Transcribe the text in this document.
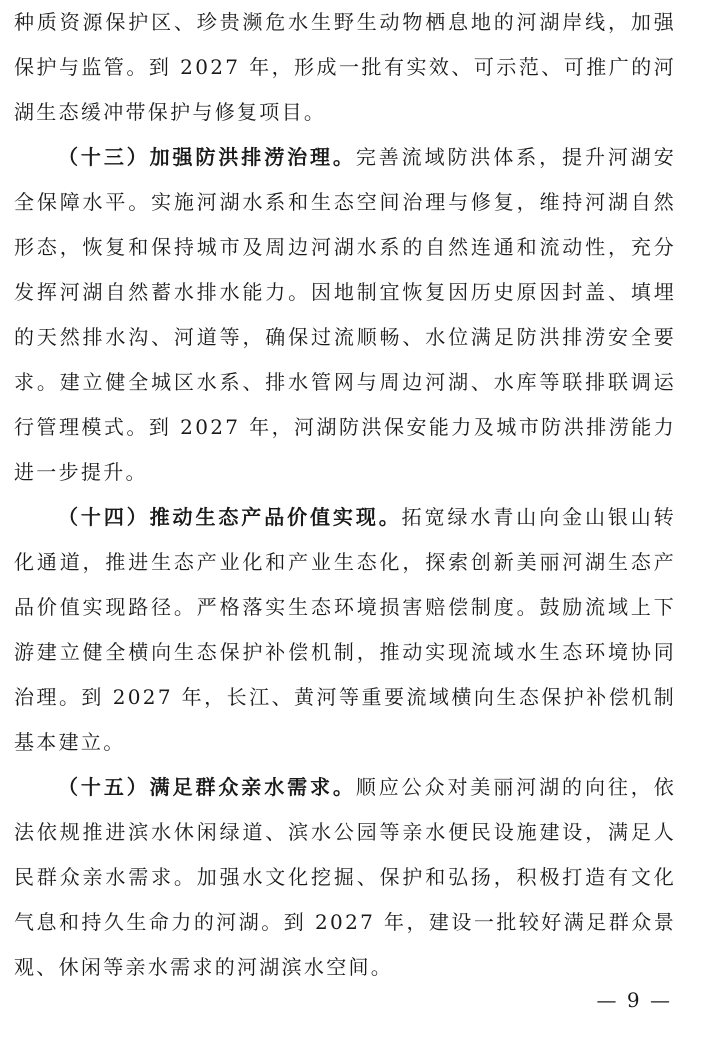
种质资源保护区、珍贵濒危水生野生动物栖息地的河湖岸线，加强保护与监管。到 2027 年，形成一批有实效、可示范、可推广的河湖生态缓冲带保护与修复项目。

（十三）加强防洪排涝治理。完善流域防洪体系，提升河湖安全保障水平。实施河湖水系和生态空间治理与修复，维持河湖自然形态，恢复和保持城市及周边河湖水系的自然连通和流动性，充分发挥河湖自然蓄水排水能力。因地制宜恢复因历史原因封盖、填埋的天然排水沟、河道等，确保过流顺畅、水位满足防洪排涝安全要求。建立健全城区水系、排水管网与周边河湖、水库等联排联调运行管理模式。到 2027 年，河湖防洪保安能力及城市防洪排涝能力进一步提升。

（十四）推动生态产品价值实现。拓宽绿水青山向金山银山转化通道，推进生态产业化和产业生态化，探索创新美丽河湖生态产品价值实现路径。严格落实生态环境损害赔偿制度。鼓励流域上下游建立健全横向生态保护补偿机制，推动实现流域水生态环境协同治理。到 2027 年，长江、黄河等重要流域横向生态保护补偿机制基本建立。

（十五）满足群众亲水需求。顺应公众对美丽河湖的向往，依法依规推进滨水休闲绿道、滨水公园等亲水便民设施建设，满足人民群众亲水需求。加强水文化挖掘、保护和弘扬，积极打造有文化气息和持久生命力的河湖。到 2027 年，建设一批较好满足群众景观、休闲等亲水需求的河湖滨水空间。

— 9 —
